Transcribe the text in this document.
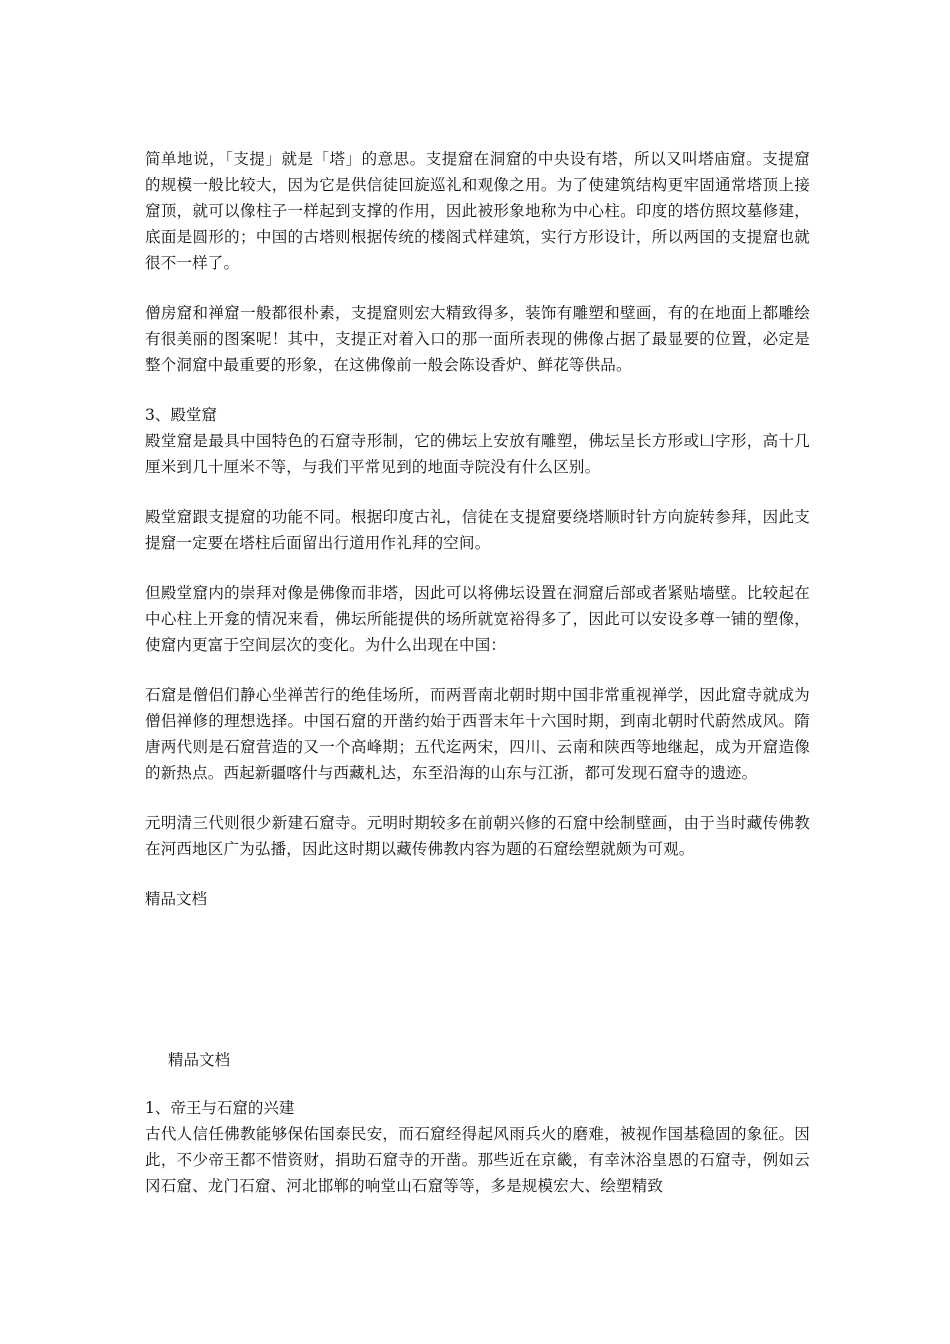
简单地说，「支提」就是「塔」的意思。支提窟在洞窟的中央设有塔，所以又叫塔庙窟。支提窟的规模一般比较大，因为它是供信徒回旋巡礼和观像之用。为了使建筑结构更牢固通常塔顶上接窟顶，就可以像柱子一样起到支撑的作用，因此被形象地称为中心柱。印度的塔仿照坟墓修建，底面是圆形的；中国的古塔则根据传统的楼阁式样建筑，实行方形设计，所以两国的支提窟也就很不一样了。

僧房窟和禅窟一般都很朴素，支提窟则宏大精致得多，装饰有雕塑和壁画，有的在地面上都雕绘有很美丽的图案呢！其中，支提正对着入口的那一面所表现的佛像占据了最显要的位置，必定是整个洞窟中最重要的形象，在这佛像前一般会陈设香炉、鲜花等供品。

3、殿堂窟

殿堂窟是最具中国特色的石窟寺形制，它的佛坛上安放有雕塑，佛坛呈长方形或凵字形，高十几厘米到几十厘米不等，与我们平常见到的地面寺院没有什么区别。

殿堂窟跟支提窟的功能不同。根据印度古礼，信徒在支提窟要绕塔顺时针方向旋转参拜，因此支提窟一定要在塔柱后面留出行道用作礼拜的空间。

但殿堂窟内的崇拜对像是佛像而非塔，因此可以将佛坛设置在洞窟后部或者紧贴墙壁。比较起在中心柱上开龛的情况来看，佛坛所能提供的场所就宽裕得多了，因此可以安设多尊一铺的塑像，使窟内更富于空间层次的变化。为什么出现在中国：

石窟是僧侣们静心坐禅苦行的绝佳场所，而两晋南北朝时期中国非常重视禅学，因此窟寺就成为僧侣禅修的理想选择。中国石窟的开凿约始于西晋末年十六国时期，到南北朝时代蔚然成风。隋唐两代则是石窟营造的又一个高峰期；五代迄两宋，四川、云南和陕西等地继起，成为开窟造像的新热点。西起新疆喀什与西藏札达，东至沿海的山东与江浙，都可发现石窟寺的遗迹。

元明清三代则很少新建石窟寺。元明时期较多在前朝兴修的石窟中绘制壁画，由于当时藏传佛教在河西地区广为弘播，因此这时期以藏传佛教内容为题的石窟绘塑就颇为可观。

精品文档

精品文档

1、帝王与石窟的兴建

古代人信任佛教能够保佑国泰民安，而石窟经得起风雨兵火的磨难，被视作国基稳固的象征。因此，不少帝王都不惜资财，捐助石窟寺的开凿。那些近在京畿，有幸沐浴皇恩的石窟寺，例如云冈石窟、龙门石窟、河北邯郸的响堂山石窟等等，多是规模宏大、绘塑精致
